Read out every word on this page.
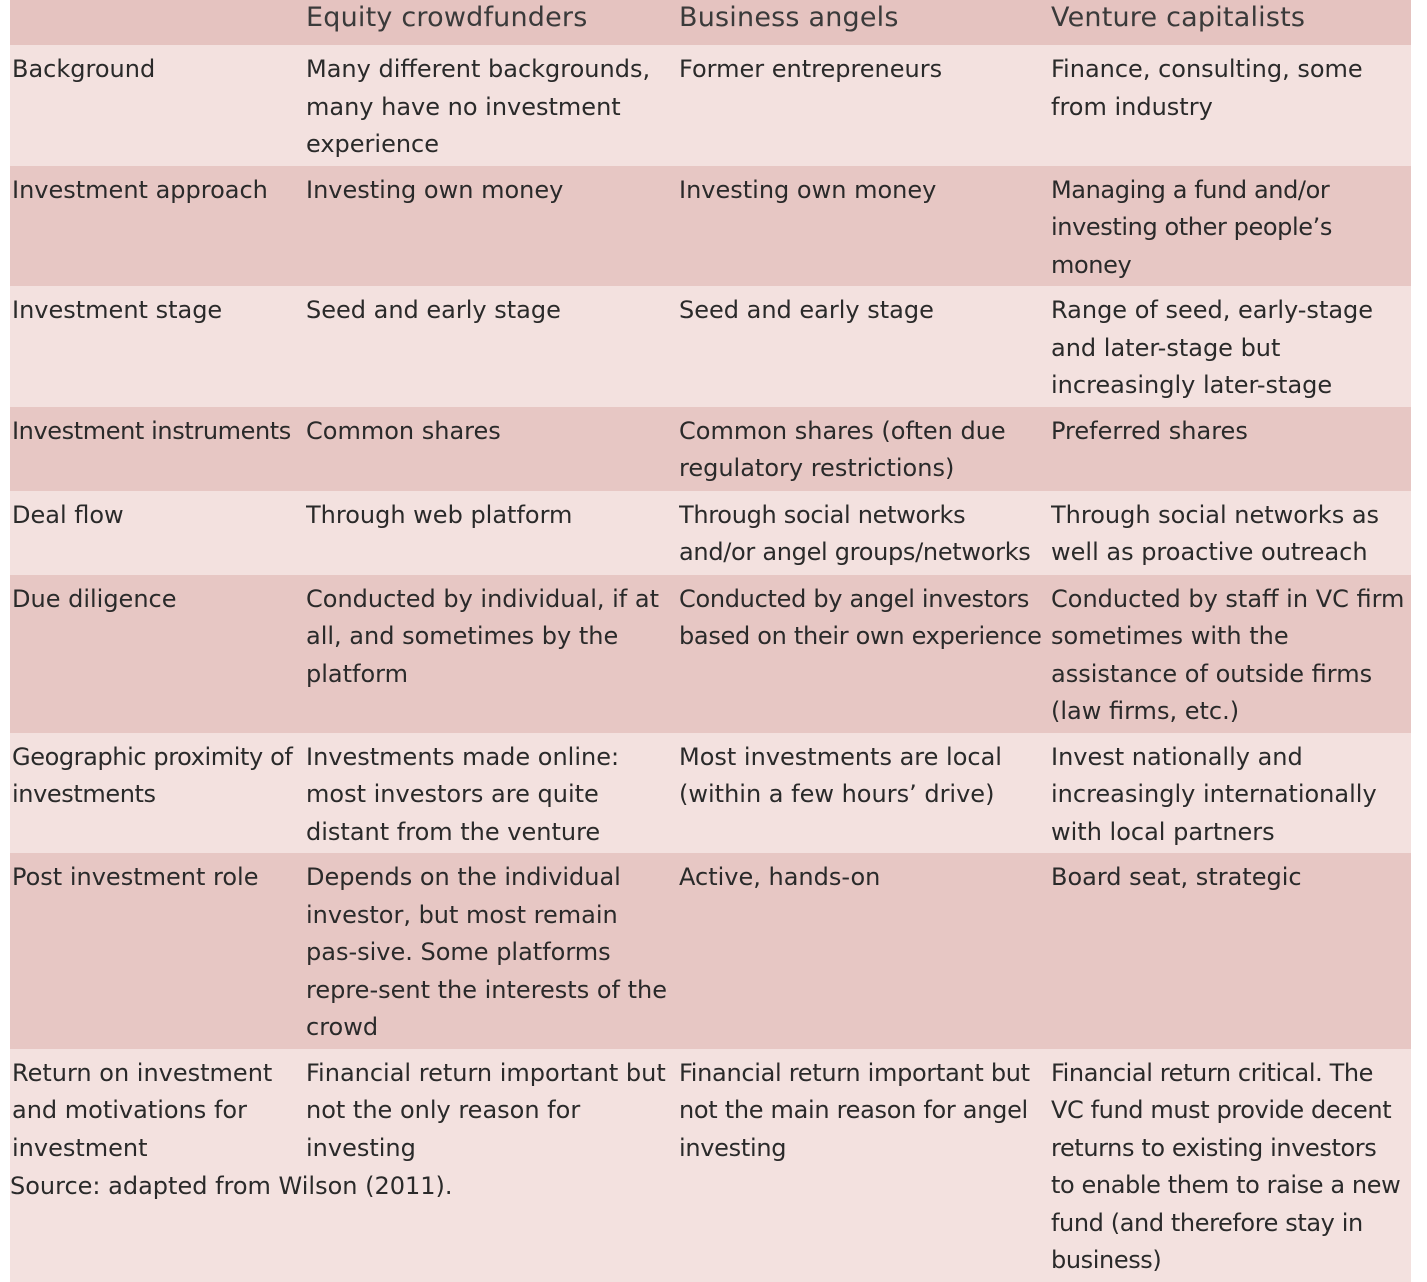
	Equity crowdfunders	Business angels	Venture capitalists
Background	Many different backgrounds, many have no investment experience	Former entrepreneurs	Finance, consulting, some from industry
Investment approach	Investing own money	Investing own money	Managing a fund and/or investing other people’s money
Investment stage	Seed and early stage	Seed and early stage	Range of seed, early-stage and later-stage but increasingly later-stage
Investment instruments	Common shares	Common shares (often due regulatory restrictions)	Preferred shares
Deal flow	Through web platform	Through social networks and/or angel groups/networks	Through social networks as well as proactive outreach
Due diligence	Conducted by individual, if at all, and sometimes by the platform	Conducted by angel investors based on their own experience	Conducted by staff in VC firm sometimes with the assistance of outside firms (law firms, etc.)
Geographic proximity of investments	Investments made online: most investors are quite distant from the venture	Most investments are local (within a few hours’ drive)	Invest nationally and increasingly internationally with local partners
Post investment role	Depends on the individual investor, but most remain pas-sive. Some platforms repre-sent the interests of the crowd	Active, hands-on	Board seat, strategic
Return on investment and motivations for investment	Financial return important but not the only reason for investing	Financial return important but not the main reason for angel investing	Financial return critical. The VC fund must provide decent returns to existing investors to enable them to raise a new fund (and therefore stay in business)
Source: adapted from Wilson (2011).
